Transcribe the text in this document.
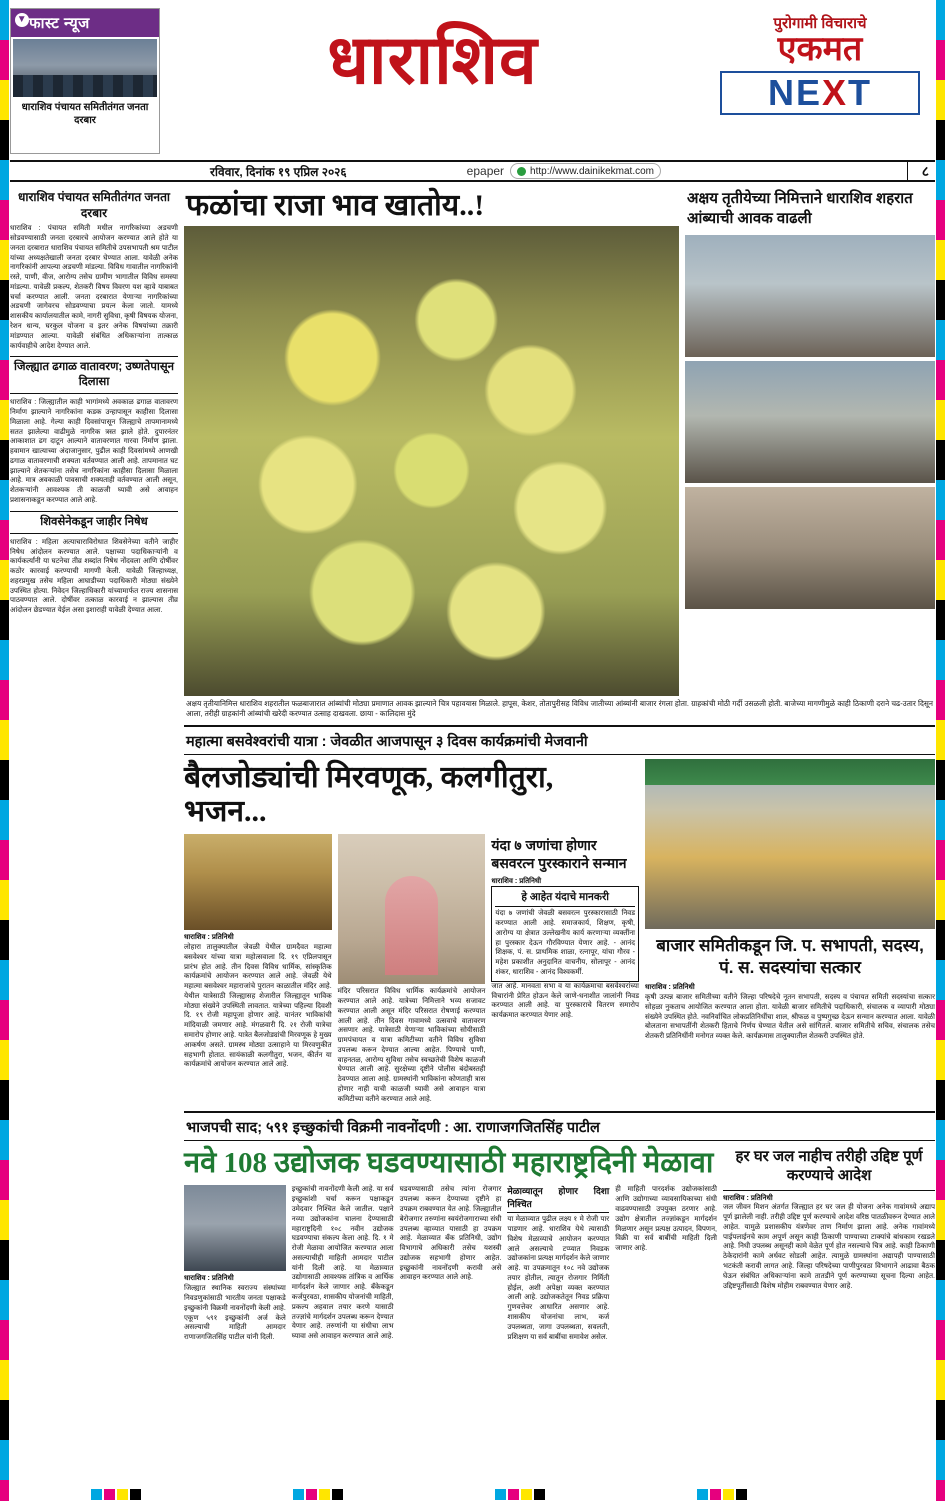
▼ फास्ट न्यूज
धाराशिव पंचायत समितीतंगत जनता दरबार
धाराशिव	पुरोगामी विचाराचे
एकमत
NE X T
रविवार, दिनांक १९ एप्रिल २०२६	epaper	http://www.dainikekmat.com	८
धाराशिव पंचायत समितीतंगत जनता दरबार
धाराशिव : पंचायत समिती मधील नागरिकांच्या अडचणी सोडवण्यासाठी जनता दरबारचे आयोजन करण्यात आले होते या जनता दरबारात धाराशिव पंचायत समितीचे उपसभापती श्रम पाटील यांच्या अध्यक्षतेखाली जनता दरबार घेण्यात आला. यावेळी अनेक नागरिकांनी आपल्या अडचणी मांडल्या. विविध गावातील नागरिकांनी रस्ते, पाणी, वीज, आरोग्य तसेच ग्रामीण भागातील विविध समस्या मांडल्या. यावेळी प्रकल्प, शेतकरी विषय विवरण यश व्हावे याबाबत चर्चा करण्यात आली. जनता दरबारात येणाऱ्या नागरिकांच्या अडचणी जागेवरच सोडवण्याचा प्रयत्न केला जातो. यामध्ये शासकीय कार्यालयातील कामे, नागरी सुविधा, कृषी विषयक योजना, रेशन धान्य, घरकुल योजना व इतर अनेक विषयांच्या तक्रारी मांडण्यात आल्या. यावेळी संबंधित अधिकाऱ्यांना तात्काळ कार्यवाहीचे आदेश देण्यात आले.
जिल्ह्यात ढगाळ वातावरण; उष्णतेपासून दिलासा
धाराशिव : जिल्ह्यातील काही भागांमध्ये अवकाळ ढगाळ वातावरण निर्माण झाल्याने नागरिकांना कडक उन्हापासून काहीसा दिलासा मिळाला आहे. गेल्या काही दिवसांपासून जिल्ह्याचे तापमानामध्ये सतत झालेल्या वाढीमुळे नागरिक त्रस्त झाले होते. दुपारनंतर आकाशात ढग दाटून आल्याने वातावरणात गारवा निर्माण झाला. हवामान खात्याच्या अंदाजानुसार, पुढील काही दिवसांमध्ये आणखी ढगाळ वातावरणाची शक्यता वर्तवण्यात आली आहे. तापमानात घट झाल्याने शेतकऱ्यांना तसेच नागरिकांना काहीसा दिलासा मिळाला आहे. मात्र अवकाळी पावसाची शक्यताही वर्तवण्यात आली असून, शेतकऱ्यांनी आवश्यक ती काळजी घ्यावी असे आवाहन प्रशासनाकडून करण्यात आले आहे.
शिवसेनेकडून जाहीर निषेध
धाराशिव : महिला अत्याचाराविरोधात शिवसेनेच्या वतीने जाहीर निषेध आंदोलन करण्यात आले. पक्षाच्या पदाधिकाऱ्यांनी व कार्यकर्त्यांनी या घटनेचा तीव्र शब्दांत निषेध नोंदवला आणि दोषींवर कठोर कारवाई करण्याची मागणी केली. यावेळी जिल्हाध्यक्ष, शहरप्रमुख तसेच महिला आघाडीच्या पदाधिकारी मोठ्या संख्येने उपस्थित होत्या. निवेदन जिल्हाधिकारी यांच्यामार्फत राज्य शासनास पाठवण्यात आले. दोषींवर तत्काळ कारवाई न झाल्यास तीव्र आंदोलन छेडण्यात येईल असा इशाराही यावेळी देण्यात आला.
फळांचा राजा भाव खातोय..!	अक्षय तृतीयेच्या निमित्ताने धाराशिव शहरात आंब्याची आवक वाढली
अक्षय तृतीयानिमित्त धाराशिव शहरातील फळबाजारात आंब्यांची मोठ्या प्रमाणात आवक झाल्याने चित्र पहावयास मिळाले. हापूस, केशर, तोतापुरीसह विविध जातीच्या आंब्यांनी बाजार रंगला होता. ग्राहकांची मोठी गर्दी उसळली होती. बाजेच्या मागणीमुळे काही ठिकाणी दराने चढ-उतार दिसून आला, तरीही ग्राहकांनी आंब्यांची खरेदी करण्यात उत्साह दाखवला. छाया - कालिदास मुंदे
महात्मा बसवेश्वरांची यात्रा : जेवळीत आजपासून ३ दिवस कार्यक्रमांची मेजवानी
बैलजोड्यांची मिरवणूक, कलगीतुरा, भजन...
धाराशिव : प्रतिनिधी
लोहारा तालुक्यातील जेवळी येथील ग्रामदैवत महात्मा बसवेश्वर यांच्या यात्रा महोत्सवाला दि. १९ एप्रिलपासून प्रारंभ होत आहे. तीन दिवस विविध धार्मिक, सांस्कृतिक कार्यक्रमांचे आयोजन करण्यात आले आहे. जेवळी येथे महात्मा बसवेश्वर महाराजांचे पुरातन काळातील मंदिर आहे. येथील यात्रेसाठी जिल्ह्यासह शेजारील जिल्ह्यातून भाविक मोठ्या संख्येने उपस्थिती लावतात. यात्रेच्या पहिल्या दिवशी दि. १९ रोजी महापूजा होणार आहे. यानंतर भाविकांची मांदियाळी जमणार आहे. मंगळवारी दि. २१ रोजी यात्रेचा समारोप होणार आहे. यात्रेत बैलजोड्यांची मिरवणूक हे मुख्य आकर्षण असते. ग्रामस्थ मोठ्या उत्साहाने या मिरवणुकीत सहभागी होतात. सायंकाळी कलगीतुरा, भजन, कीर्तन या कार्यक्रमांचे आयोजन करण्यात आले आहे.
मंदिर परिसरात विविध धार्मिक कार्यक्रमांचे आयोजन करण्यात आले आहे. यात्रेच्या निमित्ताने भव्य सजावट करण्यात आली असून मंदिर परिसरात रोषणाई करण्यात आली आहे. तीन दिवस गावामध्ये उत्सवाचे वातावरण असणार आहे. यात्रेसाठी येणाऱ्या भाविकांच्या सोयीसाठी ग्रामपंचायत व यात्रा कमिटीच्या वतीने विविध सुविधा उपलब्ध करून देण्यात आल्या आहेत. पिण्याचे पाणी, वाहनतळ, आरोग्य सुविधा तसेच स्वच्छतेची विशेष काळजी घेण्यात आली आहे. सुरक्षेच्या दृष्टीने पोलीस बंदोबस्तही ठेवण्यात आला आहे. ग्रामस्थांनी भाविकांना कोणताही त्रास होणार नाही याची काळजी घ्यावी असे आवाहन यात्रा कमिटीच्या वतीने करण्यात आले आहे.
यंदा ७ जणांचा होणार बसवरत्न पुरस्काराने सन्मान
धाराशिव : प्रतिनिधी
हे आहेत यंदाचे मानकरी
यंदा ७ जणांची जेवळी बसवरत्न पुरस्कारासाठी निवड करण्यात आली आहे. समाजकार्य, शिक्षण, कृषी, आरोग्य या क्षेत्रात उल्लेखनीय कार्य करणाऱ्या व्यक्तींना हा पुरस्कार देऊन गौरविण्यात येणार आहे. - आनंद शिक्षक, पं. स. प्राथमिक शाळा, रत्नापूर, यांचा गौरव - महेश प्रकाशीत अनुदानित वाचनीय, सोलापूर - आनंद शंकर, धाराशिव - आनंद विश्वकर्मी.
जात आहे. मानवता सभा व या कार्यक्रमाचा बसवेश्वरांच्या विचारांनी प्रेरित होऊन केले जाणे-धनाशीत जालांनी निवड करण्यात आली आहे. या पुरस्काराचे वितरण समारोप कार्यक्रमात करण्यात येणार आहे.
बाजार समितीकडून जि. प. सभापती, सदस्य, पं. स. सदस्यांचा सत्कार
धाराशिव : प्रतिनिधी
कृषी उत्पन्न बाजार समितीच्या वतीने जिल्हा परिषदेचे नूतन सभापती, सदस्य व पंचायत समिती सदस्यांचा सत्कार सोहळा नुकताच आयोजित करण्यात आला होता. यावेळी बाजार समितीचे पदाधिकारी, संचालक व व्यापारी मोठ्या संख्येने उपस्थित होते. नवनिर्वाचित लोकप्रतिनिधींचा शाल, श्रीफळ व पुष्पगुच्छ देऊन सन्मान करण्यात आला. यावेळी बोलताना सभापतींनी शेतकरी हिताचे निर्णय घेण्यात येतील असे सांगितले. बाजार समितीचे सचिव, संचालक तसेच शेतकरी प्रतिनिधींनी मनोगत व्यक्त केले. कार्यक्रमास तालुक्यातील शेतकरी उपस्थित होते.
भाजपची साद; ५९१ इच्छुकांची विक्रमी नावनोंदणी : आ. राणाजगजितसिंह पाटील
नवे 108 उद्योजक घडवण्यासाठी महाराष्ट्रदिनी मेळावा
धाराशिव : प्रतिनिधी
जिल्ह्यात स्थानिक स्वराज्य संस्थांच्या निवडणुकांसाठी भारतीय जनता पक्षाकडे इच्छुकांनी विक्रमी नावनोंदणी केली आहे. एकूण ५९१ इच्छुकांनी अर्ज केले असल्याची माहिती आमदार राणाजगजितसिंह पाटील यांनी दिली.
इच्छुकांची नावनोंदणी केली आहे. या सर्व इच्छुकांशी चर्चा करून पक्षाकडून उमेदवार निश्चित केले जातील. पक्षाने नव्या उद्योजकांना चालना देण्यासाठी महाराष्ट्रदिनी १०८ नवीन उद्योजक घडवण्याचा संकल्प केला आहे. दि. १ मे रोजी मेळावा आयोजित करण्यात आला असल्याचीही माहिती आमदार पाटील यांनी दिली आहे. या मेळाव्यात उद्योगासाठी आवश्यक तांत्रिक व आर्थिक मार्गदर्शन केले जाणार आहे. बँकेकडून कर्जपुरवठा, शासकीय योजनांची माहिती, प्रकल्प अहवाल तयार करणे यासाठी तज्ज्ञांचे मार्गदर्शन उपलब्ध करून देण्यात येणार आहे. तरुणांनी या संधीचा लाभ घ्यावा असे आवाहन करण्यात आले आहे.
घडवण्यासाठी तसेच त्यांना रोजगार उपलब्ध करून देण्याच्या दृष्टीने हा उपक्रम राबवण्यात येत आहे. जिल्ह्यातील बेरोजगार तरुणांना स्वयंरोजगाराच्या संधी उपलब्ध व्हाव्यात यासाठी हा उपक्रम आहे. मेळाव्यात बँक प्रतिनिधी, उद्योग विभागाचे अधिकारी तसेच यशस्वी उद्योजक सहभागी होणार आहेत. इच्छुकांनी नावनोंदणी करावी असे आवाहन करण्यात आले आहे.
मेळाव्यातून होणार दिशा निश्चित
या मेळाव्यात पुढील लक्ष्य १ मे रोजी पार पाडणार आहे. धाराशिव येथे त्यासाठी विशेष मेळाव्याचे आयोजन करण्यात आले असल्याचे टप्प्यात निवडक उद्योजकांना प्रत्यक्ष मार्गदर्शन केले जाणार आहे. या उपक्रमातून १०८ नवे उद्योजक तयार होतील, त्यातून रोजगार निर्मिती होईल, अशी अपेक्षा व्यक्त करण्यात आली आहे. उद्योजकतेतून निवड प्रक्रिया गुणवत्तेवर आधारित असणार आहे. शासकीय योजनांचा लाभ, कर्ज उपलब्धता, जागा उपलब्धता, सवलती, प्रशिक्षण या सर्व बाबींचा समावेश असेल.
ही माहिती पारदर्शक उद्योजकांसाठी आणि उद्योगाच्या व्यावसायिकाच्या संधी वाढवण्यासाठी उपयुक्त ठरणार आहे. उद्योग क्षेत्रातील तज्ज्ञांकडून मार्गदर्शन मिळणार असून प्रत्यक्ष उत्पादन, विपणन, विक्री या सर्व बाबींची माहिती दिली जाणार आहे.
हर घर जल नाहीच तरीही उद्दिष्ट पूर्ण करण्याचे आदेश
धाराशिव : प्रतिनिधी
जल जीवन मिशन अंतर्गत जिल्ह्यात हर घर जल ही योजना अनेक गावांमध्ये अद्याप पूर्ण झालेली नाही. तरीही उद्दिष्ट पूर्ण करण्याचे आदेश वरिष्ठ पातळीवरून देण्यात आले आहेत. यामुळे प्रशासकीय यंत्रणेवर ताण निर्माण झाला आहे. अनेक गावांमध्ये पाईपलाईनचे काम अपूर्ण असून काही ठिकाणी पाण्याच्या टाक्यांचे बांधकाम रखडले आहे. निधी उपलब्ध असूनही कामे वेळेत पूर्ण होत नसल्याचे चित्र आहे. काही ठिकाणी ठेकेदारांनी कामे अर्धवट सोडली आहेत. त्यामुळे ग्रामस्थांना अद्यापही पाण्यासाठी भटकंती करावी लागत आहे. जिल्हा परिषदेच्या पाणीपुरवठा विभागाने आढावा बैठक घेऊन संबंधित अधिकाऱ्यांना कामे तातडीने पूर्ण करण्याच्या सूचना दिल्या आहेत. उद्दिष्टपूर्तीसाठी विशेष मोहीम राबवण्यात येणार आहे.
